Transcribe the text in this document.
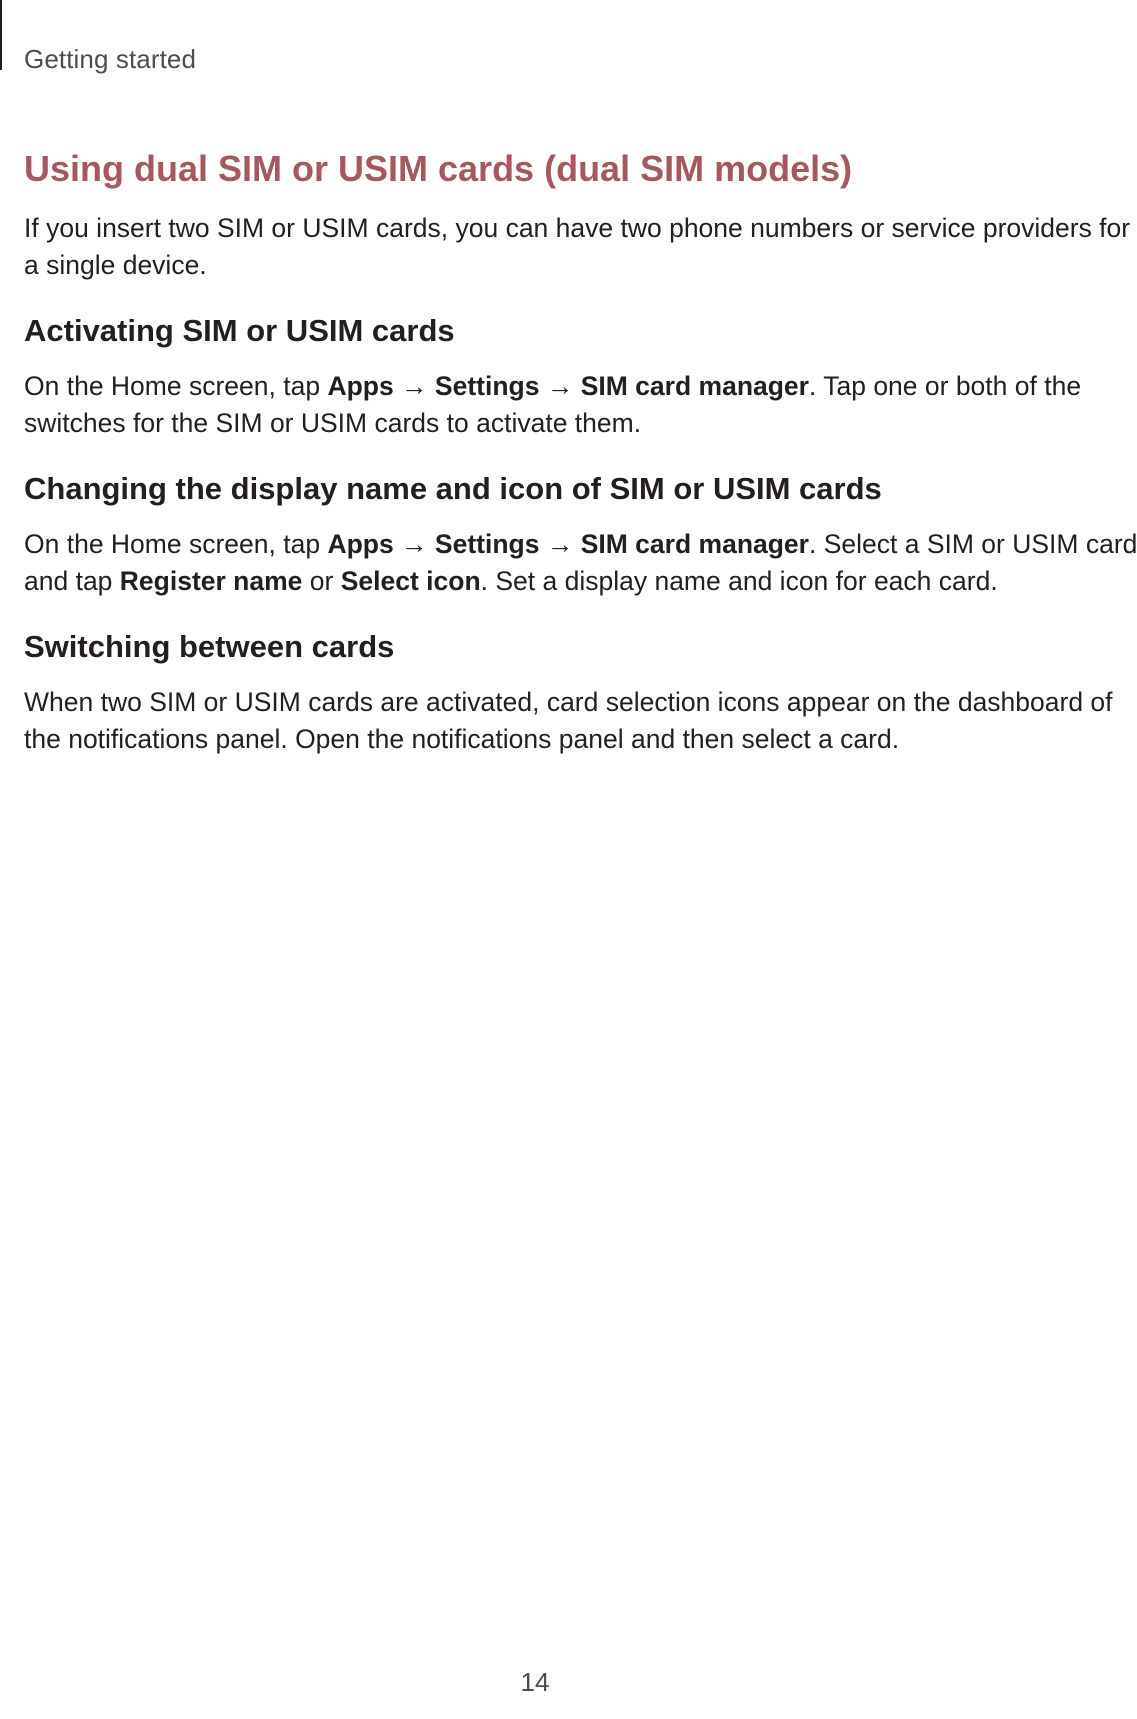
Getting started
Using dual SIM or USIM cards (dual SIM models)
If you insert two SIM or USIM cards, you can have two phone numbers or service providers for
a single device.
Activating SIM or USIM cards
On the Home screen, tap Apps → Settings → SIM card manager. Tap one or both of the
switches for the SIM or USIM cards to activate them.
Changing the display name and icon of SIM or USIM cards
On the Home screen, tap Apps → Settings → SIM card manager. Select a SIM or USIM card
and tap Register name or Select icon. Set a display name and icon for each card.
Switching between cards
When two SIM or USIM cards are activated, card selection icons appear on the dashboard of
the notifications panel. Open the notifications panel and then select a card.
14
